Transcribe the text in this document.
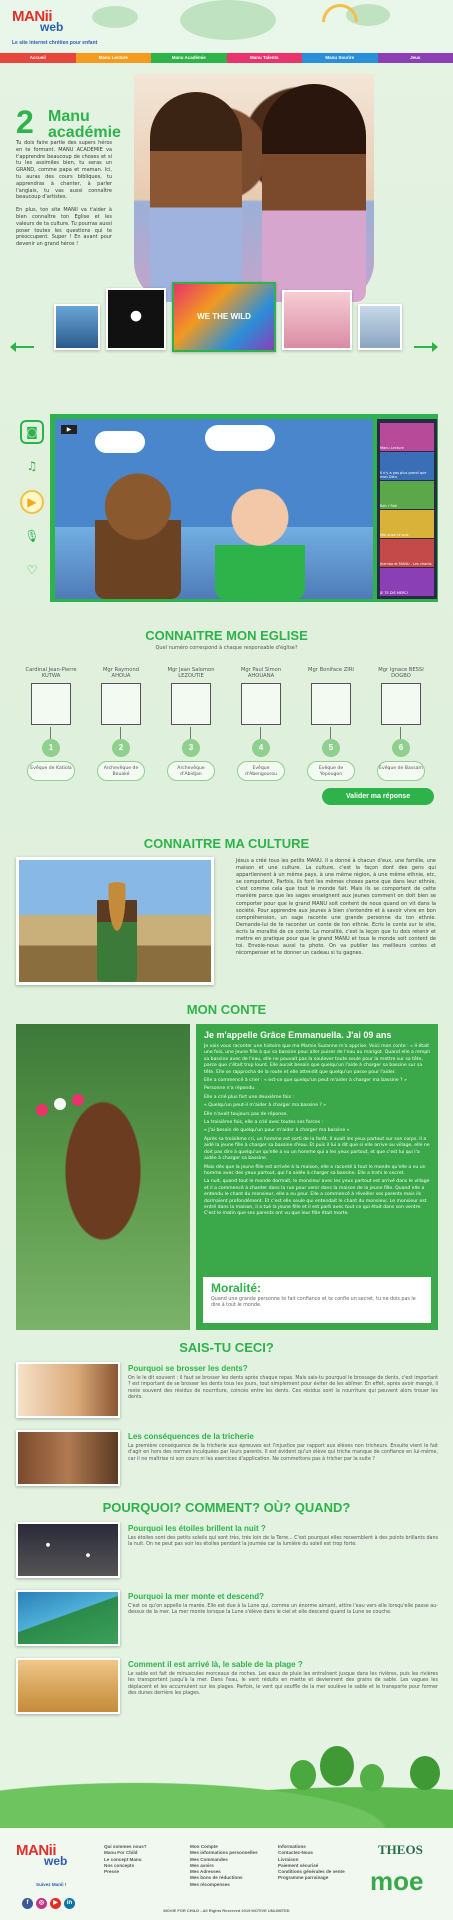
MANii
web
Le site internet chrétien pour enfant
Accueil	Manu Lecture	Manu Académie	Manu Talents	Manu Sourire	Jeux
2 Manu
académie

Tu dois faire partie des supers héros en te formant. MANU ACADEMIE va t'apprendre beaucoup de choses et si tu les assimiles bien, tu seras un GRAND, comme papa et maman. Ici, tu auras des cours bibliques, tu apprendras à chanter, à parler l'anglais, tu vas aussi connaître beaucoup d'artistes.

En plus, ton site MANII va t'aider à bien connaître ton Eglise et les valeurs de ta culture. Tu pourras aussi poser toutes les questions qui te préoccupent. Super ! En avant pour devenir un grand héros !

WE THE WILD
◙
♫
▶
🎙
♡
▶
Manu Lecture
Il n'y a pas plus grand que mon Dieu
Rah ! Rah
Moi aussi je suis
Jhamba et MANU - Les chants
JE TE DIS MERCI
CONNAITRE MON EGLISE
Quel numéro correspond à chaque responsable d'église?
Cardinal Jean-Pierre KUTWA
1
Evêque de Katiola
Mgr Raymond AHOUA
2
Archevêque de Bouaké
Mgr Jean Salomon LEZOUTIE
3
Archevêque d'Abidjan
Mgr Paul Simon AHOUANA
4
Evêque d'Abengourou
Mgr Boniface ZIRI
5
Evêque de Yopougon
Mgr Ignace BESSI DOGBO
6
Evêque de Bassam
Valider ma réponse
CONNAITRE MA CULTURE
Jésus a créé tous les petits MANU. Il a donné à chacun d'eux, une famille, une maison et une culture. La culture, c'est la façon dont des gens qui appartiennent à un même pays, à une même région, à une même ethnie, etc, se comportent. Parfois, ils font les mêmes choses parce que dans leur ethnie, c'est comme cela que tout le monde fait. Mais ils se comportent de cette manière parce que les sages enseignent aux jeunes comment on doit bien se comporter pour que le grand MANU soit content de nous quand on vit dans la société. Pour apprendre aux jeunes à bien s'entendre et à savoir vivre en bon compréhension, un sage raconte une grande personne du ton ethnie. Demande-lui de te raconter un conte de ton ethnie. Ecris le conte sur le site, écris la moralité de ce conte. La moralité, c'est la leçon que tu dois retenir et mettre en pratique pour que le grand MANU et tous le monde soit content de toi. Envoie-nous aussi ta photo. On va publier les meilleurs contes et récompenser et te donner un cadeau si tu gagnes.
MON CONTE
Je m'appelle Grâce Emmanuella. J'ai 09 ans

Je vais vous raconter une histoire que ma Mamie Suzanne m'a apprise. Voici mon conte : « Il était une fois, une jeune fille à qui sa bassine pour aller puiser de l'eau au marigot. Quand elle a rempli sa bassine avec de l'eau, elle ne pouvait pas la soulever toute seule pour la mettre sur sa tête, parce que c'était trop lourd. Elle aurait besoin que quelqu'un l'aide à charger sa bassine sur sa tête. Elle se rapprocha de la route et elle attendit que quelqu'un passe pour l'aider.

Elle a commencé à crier : « est-ce que quelqu'un peut m'aider à charger ma bassine ? »

Personne n'a répondu.

Elle a crié plus fort une deuxième fois :

« Quelqu'un peut-il m'aider à charger ma bassine ? »

Elle n'avait toujours pas de réponse.

La troisième fois, elle a crié avec toutes ses forces :

« J'ai besoin de quelqu'un pour m'aider à charger ma bassine »

Après sa troisième cri, un homme est sorti de la forêt. Il avait les yeux partout sur son corps. Il a aidé la jeune fille à charger sa bassine d'eau. Et puis il lui a dit que si elle arrive au village, elle ne doit pas dire à quelqu'un qu'elle a vu un homme qui a les yeux partout, et que c'est lui qui l'a aidée à charger sa bassine.

Mais dès que la jeune fille est arrivée à la maison, elle a raconté à tout le monde qu'elle a vu un homme avec des yeux partout, qui l'a aidée à charger sa bassine. Elle a trahi le secret.

La nuit, quand tout le monde dormait, le monsieur avec les yeux partout est arrivé dans le village et il a commencé à chanter dans la rue pour venir dans la maison de la jeune fille. Quand elle a entendu le chant du monsieur, elle a eu peur. Elle a commencé à réveiller ses parents mais ils dormaient profondément. Et c'est elle seule qui entendait le chant du monsieur. Le monsieur est entré dans la maison, il a tué la jeune fille et il est parti avec tout ce qui était dans son ventre. C'est le matin que ses parents ont vu que leur fille était morte.

Moralité:
Quand une grande personne te fait confiance et te confie un secret, tu ne dois pas le dire à tout le monde.
SAIS-TU CECI?
Pourquoi se brosser les dents?
On le le dit souvent : il faut se brosser les dents après chaque repas. Mais sais-tu pourquoi le brossage de dents, c'est important ? est important de se brosser les dents tous les jours, tout simplement pour éviter de les abîmer. En effet, après avoir mangé, il reste souvent des résidus de nourriture, coincés entre les dents. Ces résidus sont la nourriture qui peuvent alors trouer les dents.
Les conséquences de la tricherie
La première conséquence de la tricherie aux épreuves est l'injustice par rapport aux élèves non tricheurs. Ensuite vient le fait d'agir en hors des normes inculquées par leurs parents. Il est évident qu'un élève qui triche manque de confiance en lui-même, car il ne maîtrise ni son cours ni les exercices d'application. Ne commettons pas à tricher par la suite ?
POURQUOI? COMMENT? OÙ? QUAND?
Pourquoi les étoiles brillent la nuit ?
Les étoiles sont des petits soleils qui sont très, très loin de la Terre... C'est pourquoi elles ressemblent à des points brillants dans la nuit. On ne peut pas voir les étoiles pendant la journée car la lumière du soleil est trop forte.
Pourquoi la mer monte et descend?
C'est ce qu'on appelle la marée. Elle est due à la Lune qui, comme un énorme aimant, attire l'eau vers elle lorsqu'elle passe au-dessus de la mer. La mer monte lorsque la Lune s'élève dans le ciel et elle descend quand la Lune se couche.
Comment il est arrivé là, le sable de la plage ?
Le sable est fait de minuscules morceaux de roches. Les eaux de pluie les entraînent jusque dans les rivières, puis les rivières les transportent jusqu'à la mer. Dans l'eau, le vent réduits en miette et deviennent des grains de sable. Les vagues les déplacent et les accumulent sur les plages. Parfois, le vent qui souffle de la mer soulève le sable et le transporte pour former des dunes derrière les plages.
MANii
web
Suivez Manii !
Qui sommes nous?
Manu For Child
Le concept Manu
Nos concepts
Presse
Mon Compte
Mes informations personnelles
Mes Commandes
Mes avoirs
Mes Adresses
Mes bons de réductions
Mes récompenses
Informations
Contactez-Nous
Livraison
Paiement sécurisé
Conditions générales de vente
Programme parrainage
THEOS
moe
f	◎	▶	in
MOVIE FOR CHILD - All Rights Reserved 2019 MOTIVE UNLIMITED
